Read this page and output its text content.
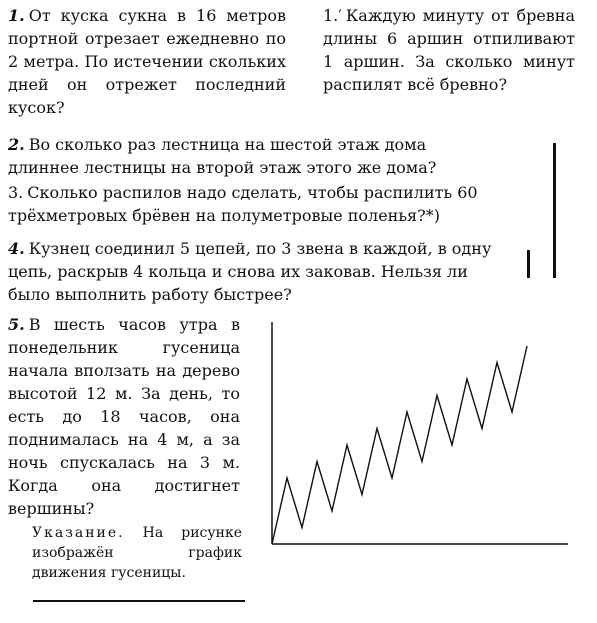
1. От куска сукна в 16 метров портной отрезает ежедневно по 2 метра. По истечении скольких дней он отрежет последний кусок?
1.′ Каждую минуту от бревна длины 6 аршин отпиливают 1 аршин. За сколько минут распилят всё бревно?
2. Во сколько раз лестница на шестой этаж дома длиннее лестницы на второй этаж этого же дома?
3. Сколько распилов надо сделать, чтобы распилить 60 трёхметровых брёвен на полуметровые поленья?*)
4. Кузнец соединил 5 цепей, по 3 звена в каждой, в одну цепь, раскрыв 4 кольца и снова их заковав. Нельзя ли было выполнить работу быстрее?
5. В шесть часов утра в понедельник гусеница начала вползать на дерево высотой 12 м. За день, то есть до 18 часов, она поднималась на 4 м, а за ночь спускалась на 3 м. Когда она достигнет вершины?
Указание. На рисунке изображён график движения гусеницы.
